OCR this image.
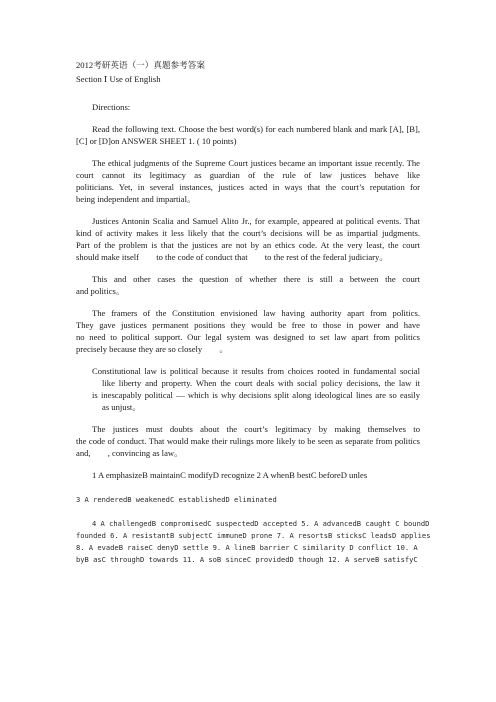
2012考研英语（一）真题参考答案
Section Ⅰ Use of English
Directions:
Read the following text. Choose the best word(s) for each numbered blank and mark [A], [B],
[C] or [D]on ANSWER SHEET 1. ( 10 points)
The ethical judgments of the Supreme Court justices became an important issue recently. The
court cannot its legitimacy as guardian of the rule of law justices behave like
politicians. Yet, in several instances, justices acted in ways that the court’s reputation for
being independent and impartial。
Justices Antonin Scalia and Samuel Alito Jr., for example, appeared at political events. That
kind of activity makes it less likely that the court’s decisions will be as impartial judgments.
Part of the problem is that the justices are not by an ethics code. At the very least, the court
should make itself        to the code of conduct that        to the rest of the federal judiciary。
This and other cases the question of whether there is still a between the court
and politics。
The framers of the Constitution envisioned law having authority apart from politics.
They gave justices permanent positions they would be free to those in power and have
no need to political support. Our legal system was designed to set law apart from politics
precisely because they are so closely        。
Constitutional law is political because it results from choices rooted in fundamental social
like liberty and property. When the court deals with social policy decisions, the law it
is inescapably political — which is why decisions split along ideological lines are so easily
as unjust。
The justices must doubts about the court’s legitimacy by making themselves to
the code of conduct. That would make their rulings more likely to be seen as separate from politics
and,        , convincing as law。
1 A emphasizeB maintainC modifyD recognize 2 A whenB bestC beforeD unles
3 A renderedB weakenedC establishedD eliminated
4 A challengedB compromisedC suspectedD accepted 5. A advancedB caught C boundD
founded 6. A resistantB subjectC immuneD prone 7. A resortsB sticksC leadsD applies
8. A evadeB raiseC denyD settle 9. A lineB barrier C similarity D conflict 10. A
byB asC throughD towards 11. A soB sinceC providedD though 12. A serveB satisfyC
